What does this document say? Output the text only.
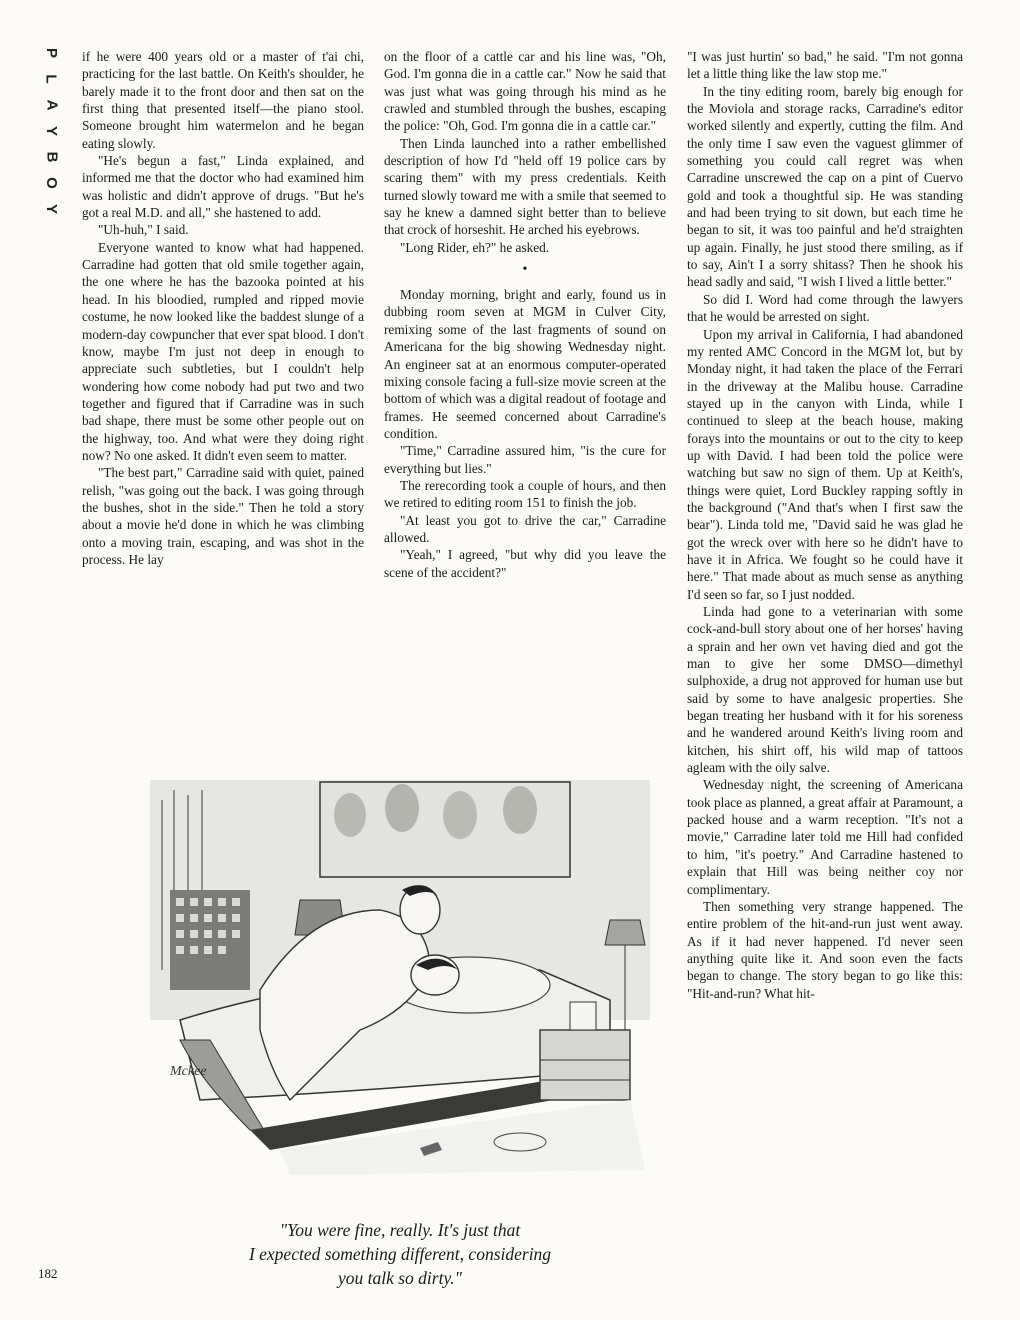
P
L
A
Y
B
O
Y

if he were 400 years old or a master of t'ai chi, practicing for the last battle. On Keith's shoulder, he barely made it to the front door and then sat on the first thing that presented itself—the piano stool. Someone brought him watermelon and he began eating slowly.

"He's begun a fast," Linda explained, and informed me that the doctor who had examined him was holistic and didn't approve of drugs. "But he's got a real M.D. and all," she hastened to add.

"Uh-huh," I said.

Everyone wanted to know what had happened. Carradine had gotten that old smile together again, the one where he has the bazooka pointed at his head. In his bloodied, rumpled and ripped movie costume, he now looked like the baddest slunge of a modern-day cowpuncher that ever spat blood. I don't know, maybe I'm just not deep in enough to appreciate such subtleties, but I couldn't help wondering how come nobody had put two and two together and figured that if Carradine was in such bad shape, there must be some other people out on the highway, too. And what were they doing right now? No one asked. It didn't even seem to matter.

"The best part," Carradine said with quiet, pained relish, "was going out the back. I was going through the bushes, shot in the side." Then he told a story about a movie he'd done in which he was climbing onto a moving train, escaping, and was shot in the process. He lay

on the floor of a cattle car and his line was, "Oh, God. I'm gonna die in a cattle car." Now he said that was just what was going through his mind as he crawled and stumbled through the bushes, escaping the police: "Oh, God. I'm gonna die in a cattle car."

Then Linda launched into a rather embellished description of how I'd "held off 19 police cars by scaring them" with my press credentials. Keith turned slowly toward me with a smile that seemed to say he knew a damned sight better than to believe that crock of horseshit. He arched his eyebrows.

"Long Rider, eh?" he asked.

•

Monday morning, bright and early, found us in dubbing room seven at MGM in Culver City, remixing some of the last fragments of sound on Americana for the big showing Wednesday night. An engineer sat at an enormous computer-operated mixing console facing a full-size movie screen at the bottom of which was a digital readout of footage and frames. He seemed concerned about Carradine's condition.

"Time," Carradine assured him, "is the cure for everything but lies."

The rerecording took a couple of hours, and then we retired to editing room 151 to finish the job.

"At least you got to drive the car," Carradine allowed.

"Yeah," I agreed, "but why did you leave the scene of the accident?"

"I was just hurtin' so bad," he said. "I'm not gonna let a little thing like the law stop me."

In the tiny editing room, barely big enough for the Moviola and storage racks, Carradine's editor worked silently and expertly, cutting the film. And the only time I saw even the vaguest glimmer of something you could call regret was when Carradine unscrewed the cap on a pint of Cuervo gold and took a thoughtful sip. He was standing and had been trying to sit down, but each time he began to sit, it was too painful and he'd straighten up again. Finally, he just stood there smiling, as if to say, Ain't I a sorry shitass? Then he shook his head sadly and said, "I wish I lived a little better."

So did I. Word had come through the lawyers that he would be arrested on sight.

Upon my arrival in California, I had abandoned my rented AMC Concord in the MGM lot, but by Monday night, it had taken the place of the Ferrari in the driveway at the Malibu house. Carradine stayed up in the canyon with Linda, while I continued to sleep at the beach house, making forays into the mountains or out to the city to keep up with David. I had been told the police were watching but saw no sign of them. Up at Keith's, things were quiet, Lord Buckley rapping softly in the background ("And that's when I first saw the bear"). Linda told me, "David said he was glad he got the wreck over with here so he didn't have to have it in Africa. We fought so he could have it here." That made about as much sense as anything I'd seen so far, so I just nodded.

Linda had gone to a veterinarian with some cock-and-bull story about one of her horses' having a sprain and her own vet having died and got the man to give her some DMSO—dimethyl sulphoxide, a drug not approved for human use but said by some to have analgesic properties. She began treating her husband with it for his soreness and he wandered around Keith's living room and kitchen, his shirt off, his wild map of tattoos agleam with the oily salve.

Wednesday night, the screening of Americana took place as planned, a great affair at Paramount, a packed house and a warm reception. "It's not a movie," Carradine later told me Hill had confided to him, "it's poetry." And Carradine hastened to explain that Hill was being neither coy nor complimentary.

Then something very strange happened. The entire problem of the hit-and-run just went away. As if it had never happened. I'd never seen anything quite like it. And soon even the facts began to change. The story began to go like this: "Hit-and-run? What hit-

Mckee
"You were fine, really. It's just that
I expected something different, considering
you talk so dirty."
182
